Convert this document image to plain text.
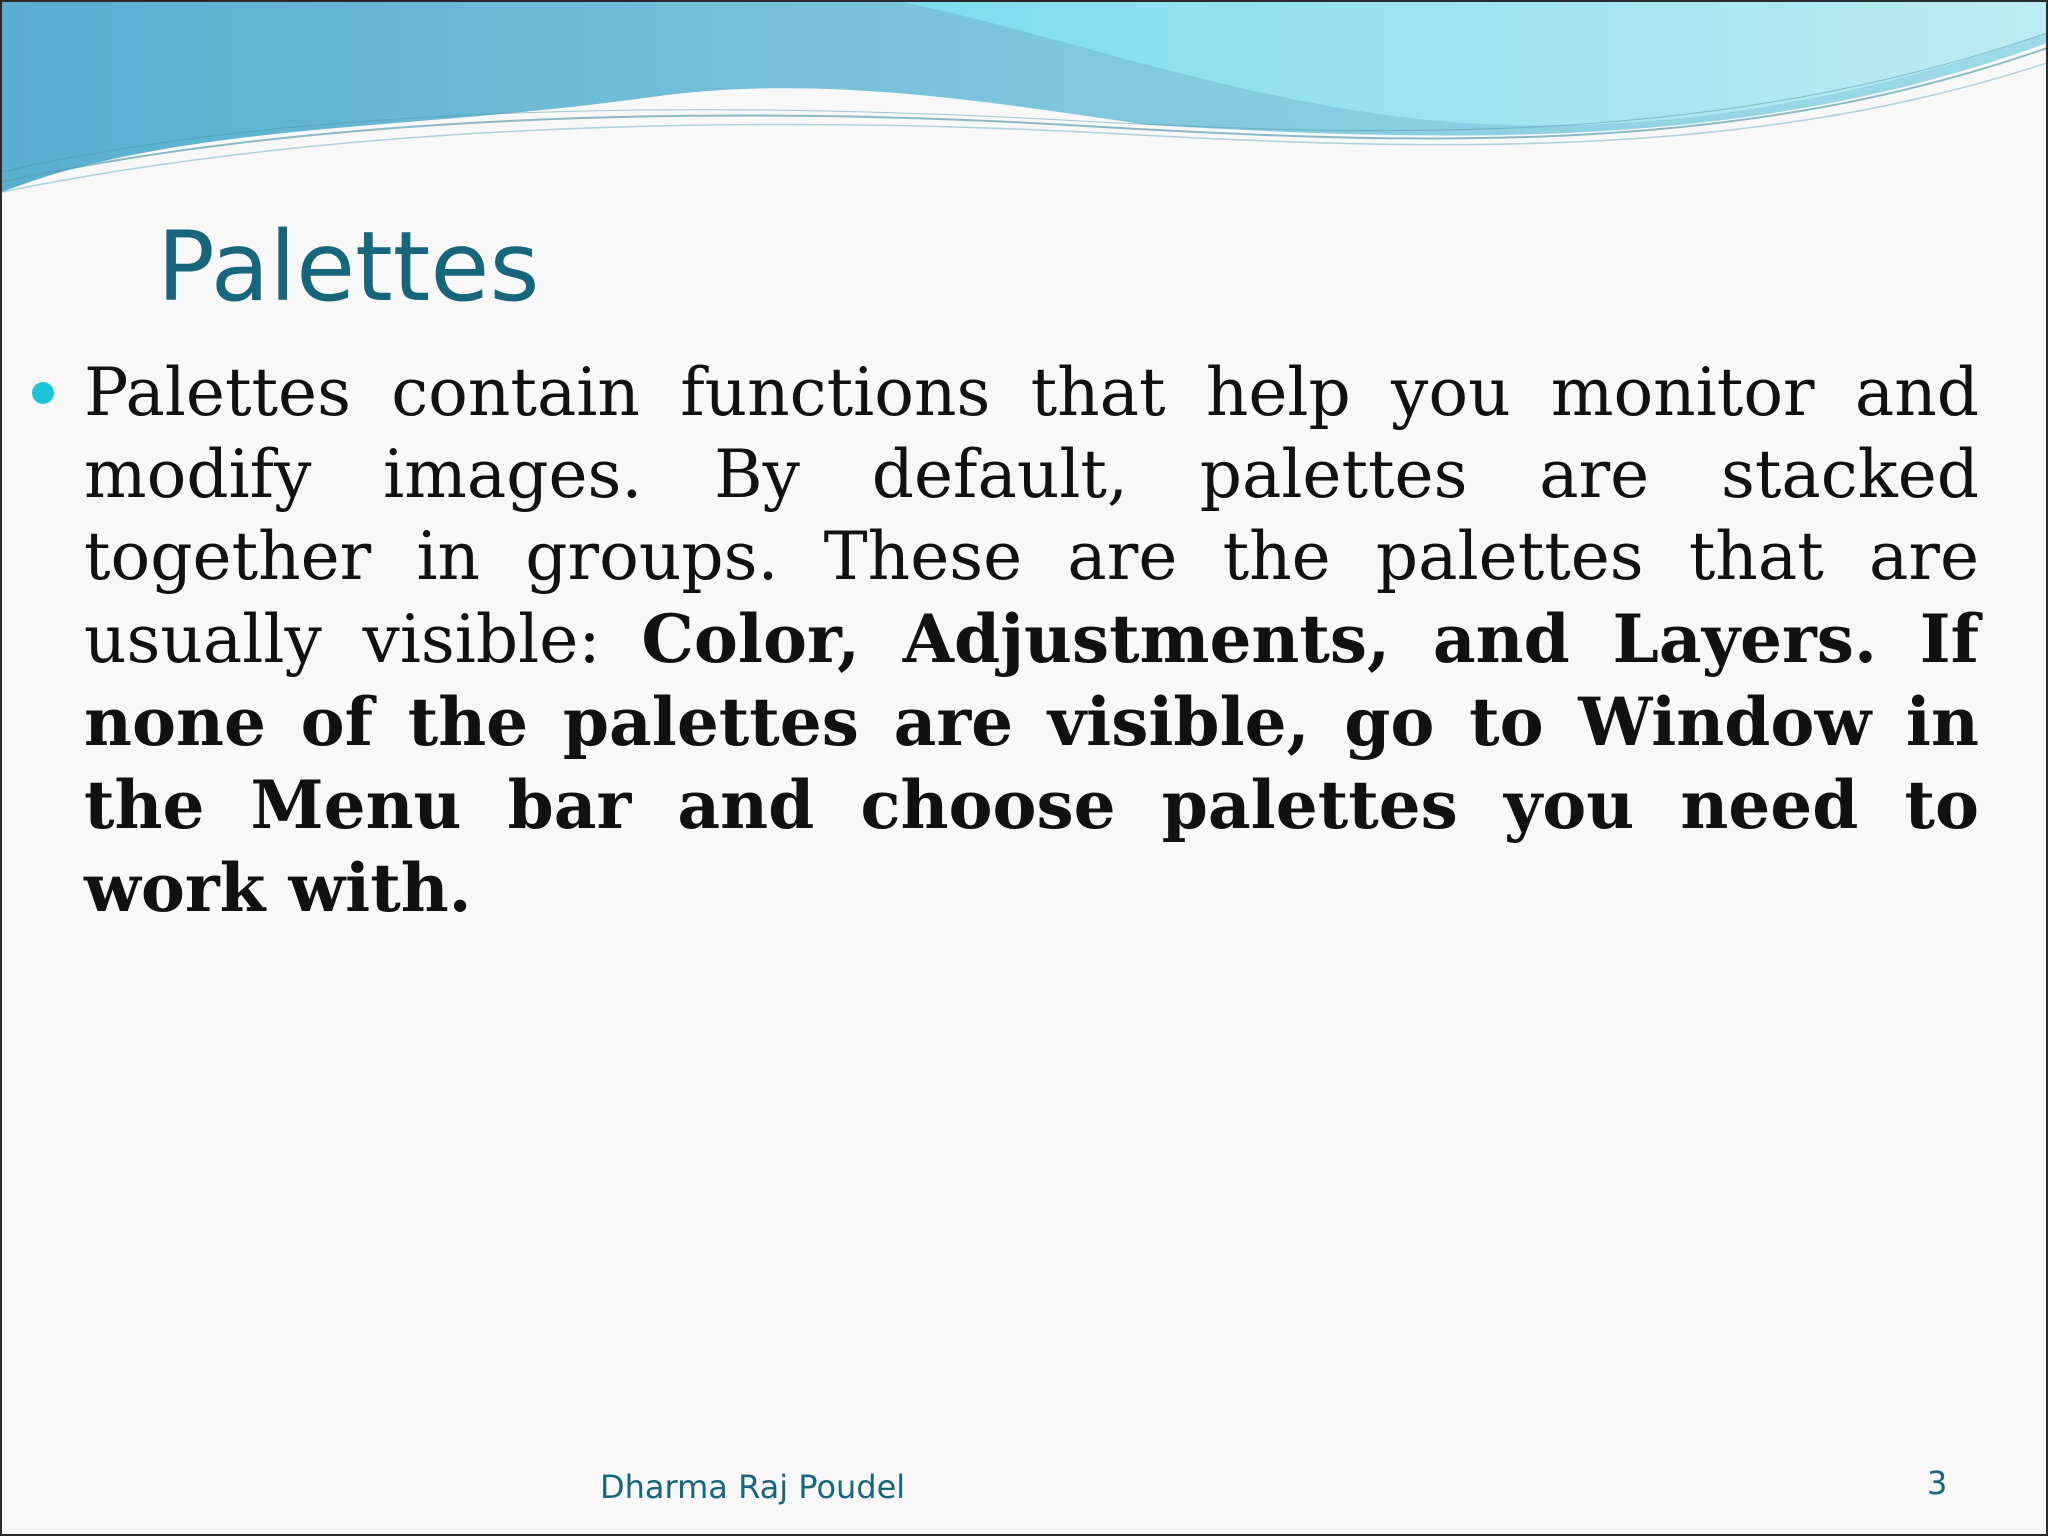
Palettes

Palettes contain functions that help you monitor and modify images. By default, palettes are stacked together in groups. These are the palettes that are usually visible: Color, Adjustments, and Layers. If none of the palettes are visible, go to Window in the Menu bar and choose palettes you need to work with.

Dharma Raj Poudel	3
